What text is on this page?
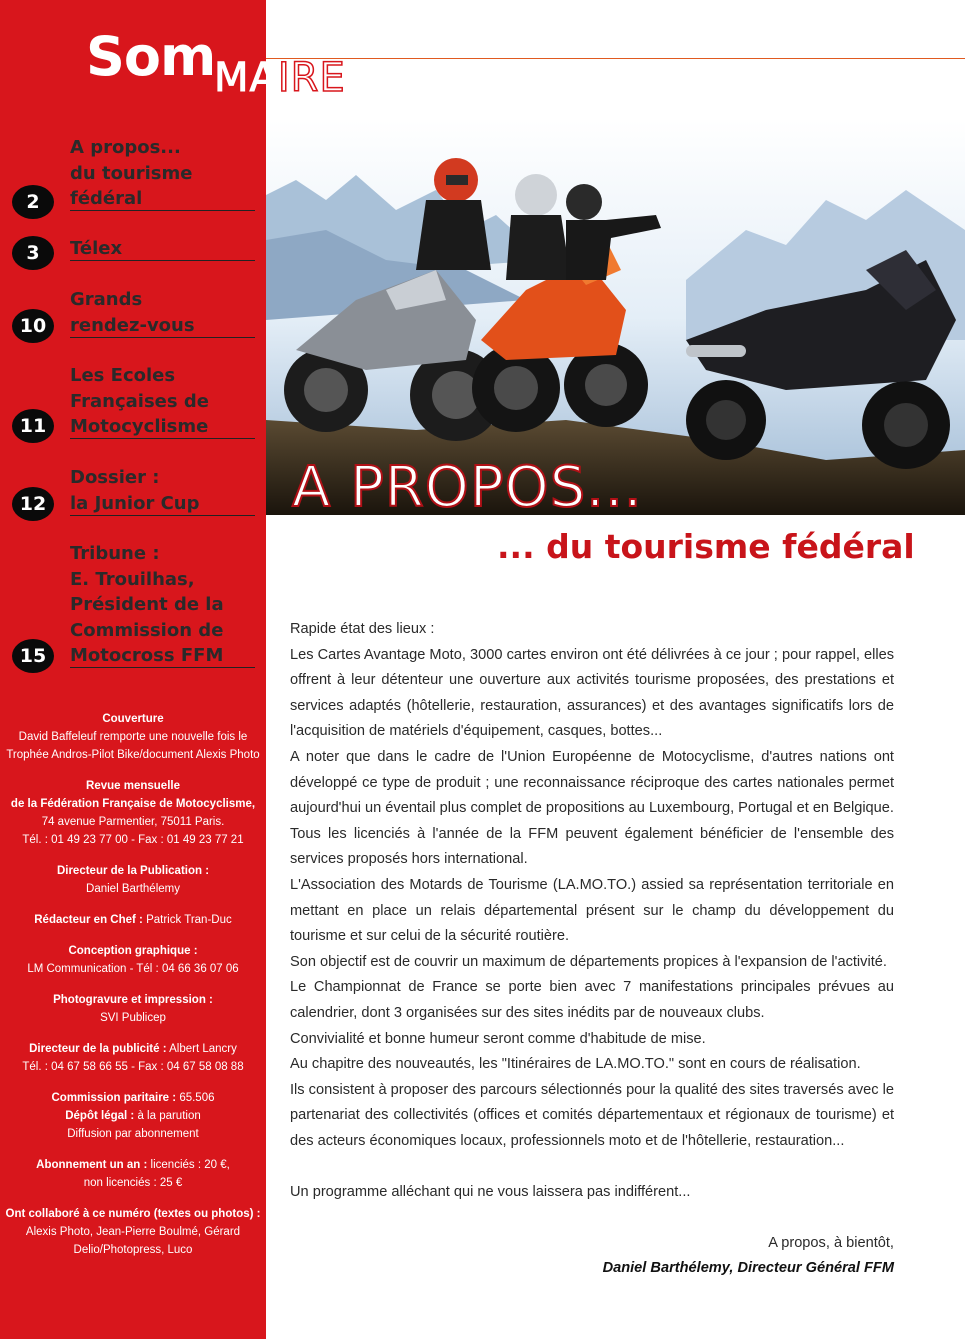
Som
A propos...
du tourisme
fédéral
2
Télex
3
Grands
rendez-vous
10
Les Ecoles
Françaises de
Motocyclisme
11
Dossier :
la Junior Cup
12
Tribune :
E. Trouilhas,
Président de la
Commission de
Motocross FFM
15
Couverture
David Baffeleuf remporte une nouvelle fois le
Trophée Andros-Pilot Bike/document Alexis Photo
Revue mensuelle
de la Fédération Française de Motocyclisme,
74 avenue Parmentier, 75011 Paris.
Tél. : 01 49 23 77 00 - Fax : 01 49 23 77 21
Directeur de la Publication :
Daniel Barthélemy
Rédacteur en Chef : Patrick Tran-Duc
Conception graphique :
LM Communication - Tél : 04 66 36 07 06
Photogravure et impression :
SVI Publicep
Directeur de la publicité : Albert Lancry
Tél. : 04 67 58 66 55 - Fax : 04 67 58 08 88
Commission paritaire : 65.506
Dépôt légal : à la parution
Diffusion par abonnement
Abonnement un an : licenciés : 20 €,
non licenciés : 25 €
Ont collaboré à ce numéro (textes ou photos) :
Alexis Photo, Jean-Pierre Boulmé, Gérard
Delio/Photopress, Luco
MAIRE
A PROPOS...
... du tourisme fédéral

Rapide état des lieux :

Les Cartes Avantage Moto, 3000 cartes environ ont été délivrées à ce jour ; pour rappel, elles offrent à leur détenteur une ouverture aux activités tourisme proposées, des prestations et services adaptés (hôtellerie, restauration, assurances) et des avantages significatifs lors de l'acquisition de matériels d'équipement, casques, bottes...

A noter que dans le cadre de l'Union Européenne de Motocyclisme, d'autres nations ont développé ce type de produit ; une reconnaissance réciproque des cartes nationales permet aujourd'hui un éventail plus complet de propositions au Luxembourg, Portugal et en Belgique.

Tous les licenciés à l'année de la FFM peuvent également bénéficier de l'ensemble des services proposés hors international.

L'Association des Motards de Tourisme (LA.MO.TO.) assied sa représentation territoriale en mettant en place un relais départemental présent sur le champ du développement du tourisme et sur celui de la sécurité routière.

Son objectif est de couvrir un maximum de départements propices à l'expansion de l'activité.

Le Championnat de France se porte bien avec 7 manifestations principales prévues au calendrier, dont 3 organisées sur des sites inédits par de nouveaux clubs.

Convivialité et bonne humeur seront comme d'habitude de mise.

Au chapitre des nouveautés, les "Itinéraires de LA.MO.TO." sont en cours de réalisation.

Ils consistent à proposer des parcours sélectionnés pour la qualité des sites traversés avec le partenariat des collectivités (offices et comités départementaux et régionaux de tourisme) et des acteurs économiques locaux, professionnels moto et de l'hôtellerie, restauration...

Un programme alléchant qui ne vous laissera pas indifférent...

A propos, à bientôt,
Daniel Barthélemy, Directeur Général FFM
